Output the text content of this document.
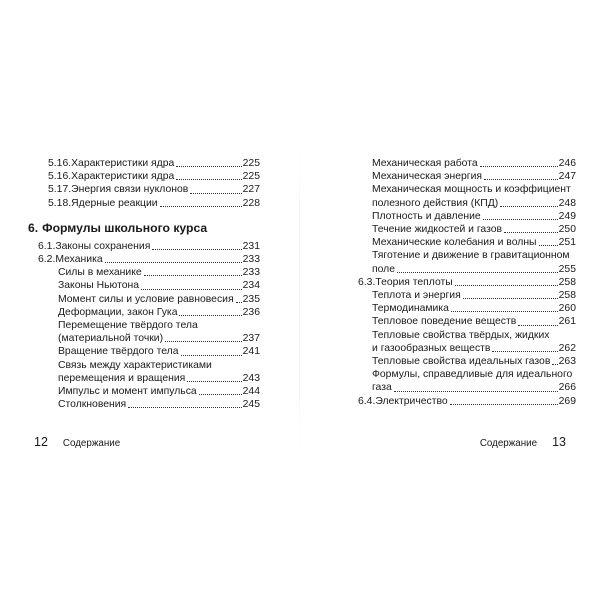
5.16. Характеристики ядра	225
5.16. Характеристики ядра	225
5.17. Энергия связи нуклонов	227
5.18. Ядерные реакции	228
6. Формулы школьного курса
6.1. Законы сохранения	231
6.2. Механика	233
Силы в механике	233
Законы Ньютона	234
Момент силы и условие равновесия 235
Деформации, закон Гука	236
Перемещение твёрдого тела
(материальной точки)	237
Вращение твёрдого тела	241
Связь между характеристиками
перемещения и вращения	243
Импульс и момент импульса	244
Столкновения	245
Механическая работа	246
Механическая энергия	247
Механическая мощность и коэффициент
полезного действия (КПД)	248
Плотность и давление	249
Течение жидкостей и газов	250
Механические колебания и волны 251
Тяготение и движение в гравитационном
поле	255
6.3. Теория теплоты	258
Теплота и энергия	258
Термодинамика	260
Тепловое поведение веществ	261
Тепловые свойства твёрдых, жидких
и газообразных веществ	262
Тепловые свойства идеальных газов 263
Формулы, справедливые для идеального
газа	266
6.4. Электричество	269
12 Содержание	Содержание 13
